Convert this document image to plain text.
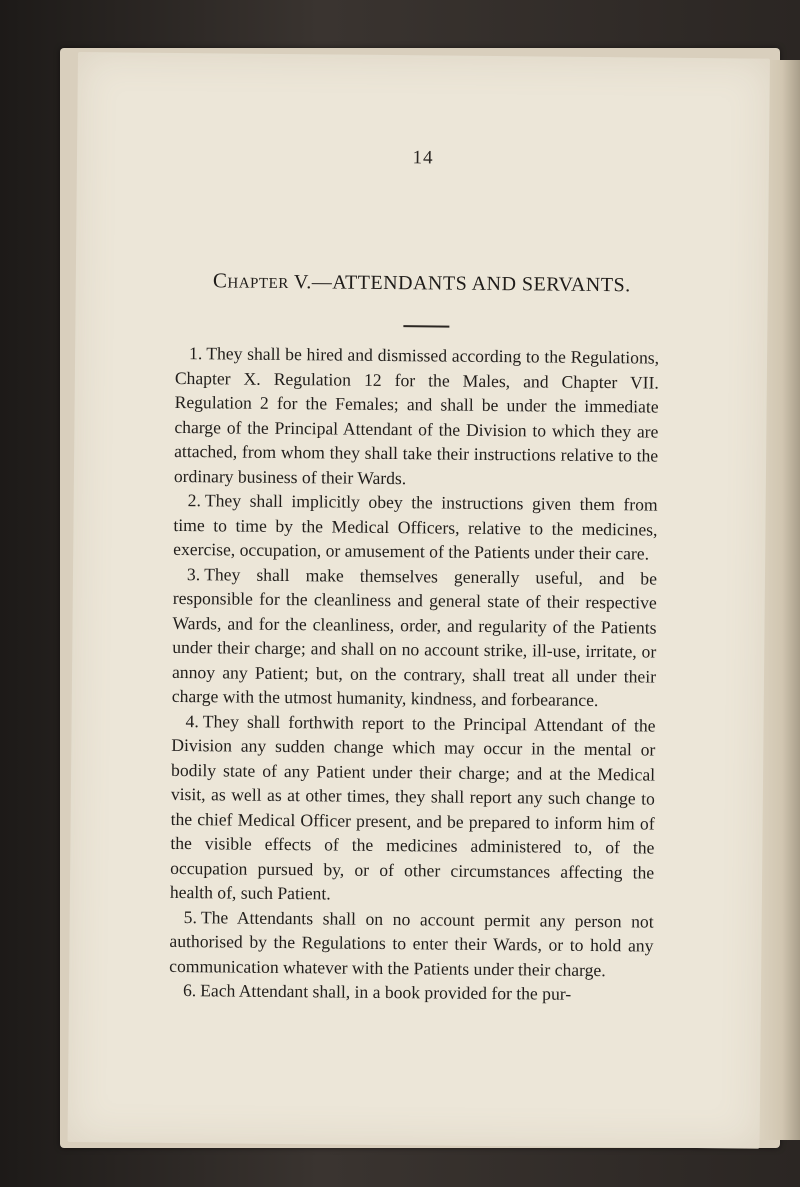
14
Chapter V.—ATTENDANTS AND SERVANTS.

1. They shall be hired and dismissed according to the Regulations, Chapter X. Regulation 12 for the Males, and Chapter VII. Regulation 2 for the Females; and shall be under the immediate charge of the Principal Attendant of the Division to which they are attached, from whom they shall take their instructions relative to the ordinary business of their Wards.

2. They shall implicitly obey the instructions given them from time to time by the Medical Officers, relative to the medicines, exercise, occupation, or amusement of the Patients under their care.

3. They shall make themselves generally useful, and be responsible for the cleanliness and general state of their respective Wards, and for the cleanliness, order, and regularity of the Patients under their charge; and shall on no account strike, ill-use, irritate, or annoy any Patient; but, on the contrary, shall treat all under their charge with the utmost humanity, kindness, and forbearance.

4. They shall forthwith report to the Principal Attendant of the Division any sudden change which may occur in the mental or bodily state of any Patient under their charge; and at the Medical visit, as well as at other times, they shall report any such change to the chief Medical Officer present, and be prepared to inform him of the visible effects of the medicines administered to, of the occupation pursued by, or of other circumstances affecting the health of, such Patient.

5. The Attendants shall on no account permit any person not authorised by the Regulations to enter their Wards, or to hold any communication whatever with the Patients under their charge.

6. Each Attendant shall, in a book provided for the pur-
